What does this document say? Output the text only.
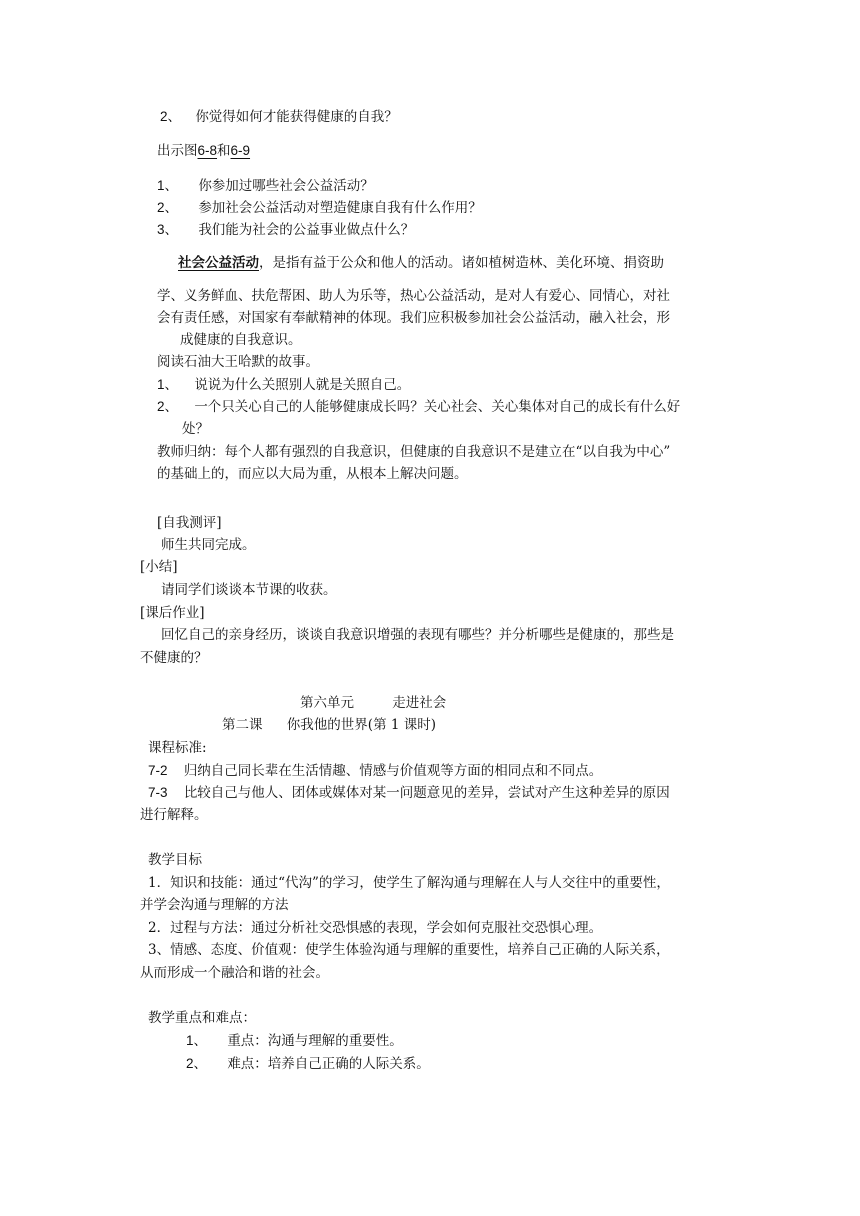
2、 你觉得如何才能获得健康的自我？
出示图6-8和6-9
1、 你参加过哪些社会公益活动？
2、 参加社会公益活动对塑造健康自我有什么作用？
3、 我们能为社会的公益事业做点什么？
社会公益活动，是指有益于公众和他人的活动。诸如植树造林、美化环境、捐资助
学、义务鲜血、扶危帮困、助人为乐等，热心公益活动，是对人有爱心、同情心，对社
会有责任感，对国家有奉献精神的体现。我们应积极参加社会公益活动，融入社会，形
成健康的自我意识。
阅读石油大王哈默的故事。
1、 说说为什么关照别人就是关照自己。
2、 一个只关心自己的人能够健康成长吗？关心社会、关心集体对自己的成长有什么好
处？
教师归纳：每个人都有强烈的自我意识，但健康的自我意识不是建立在“以自我为中心”
的基础上的，而应以大局为重，从根本上解决问题。
[自我测评]
师生共同完成。
[小结]
请同学们谈谈本节课的收获。
[课后作业]
回忆自己的亲身经历，谈谈自我意识增强的表现有哪些？并分析哪些是健康的，那些是
不健康的？
第六单元	走进社会
第二课 你我他的世界(第 1 课时)
课程标准:
7-2 归纳自己同长辈在生活情趣、情感与价值观等方面的相同点和不同点。
7-3 比较自己与他人、团体或媒体对某一问题意见的差异，尝试对产生这种差异的原因
进行解释。
教学目标
1．知识和技能：通过“代沟”的学习，使学生了解沟通与理解在人与人交往中的重要性，
并学会沟通与理解的方法
2．过程与方法：通过分析社交恐惧感的表现，学会如何克服社交恐惧心理。
3、情感、态度、价值观：使学生体验沟通与理解的重要性，培养自己正确的人际关系，
从而形成一个融洽和谐的社会。
教学重点和难点：
1、 重点：沟通与理解的重要性。
2、 难点：培养自己正确的人际关系。
